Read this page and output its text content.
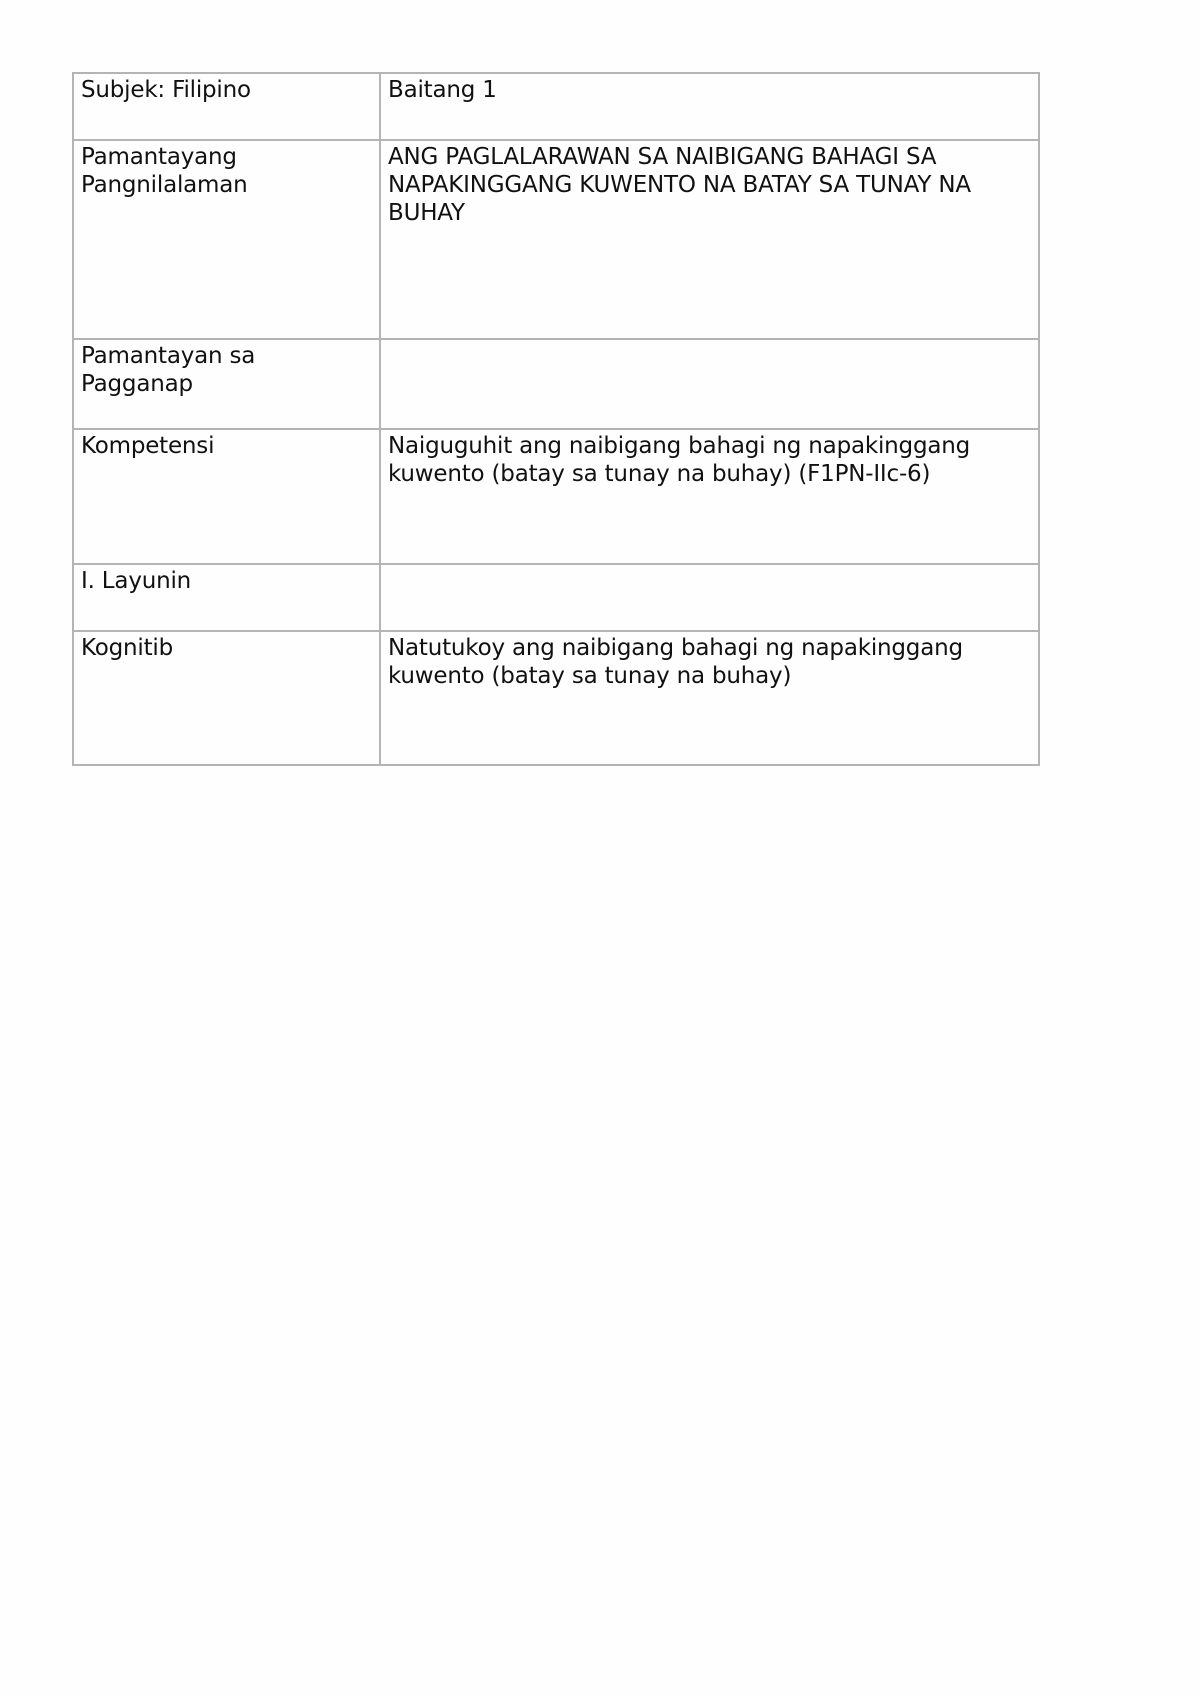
Subjek: Filipino	Baitang 1
Pamantayang Pangnilalaman	ANG PAGLALARAWAN SA NAIBIGANG BAHAGI SA NAPAKINGGANG KUWENTO NA BATAY SA TUNAY NA BUHAY
Pamantayan sa Pagganap	
Kompetensi	Naiguguhit ang naibigang bahagi ng napakinggang kuwento (batay sa tunay na buhay) (F1PN-IIc-6)
I. Layunin	
Kognitib	Natutukoy ang naibigang bahagi ng napakinggang kuwento (batay sa tunay na buhay)
